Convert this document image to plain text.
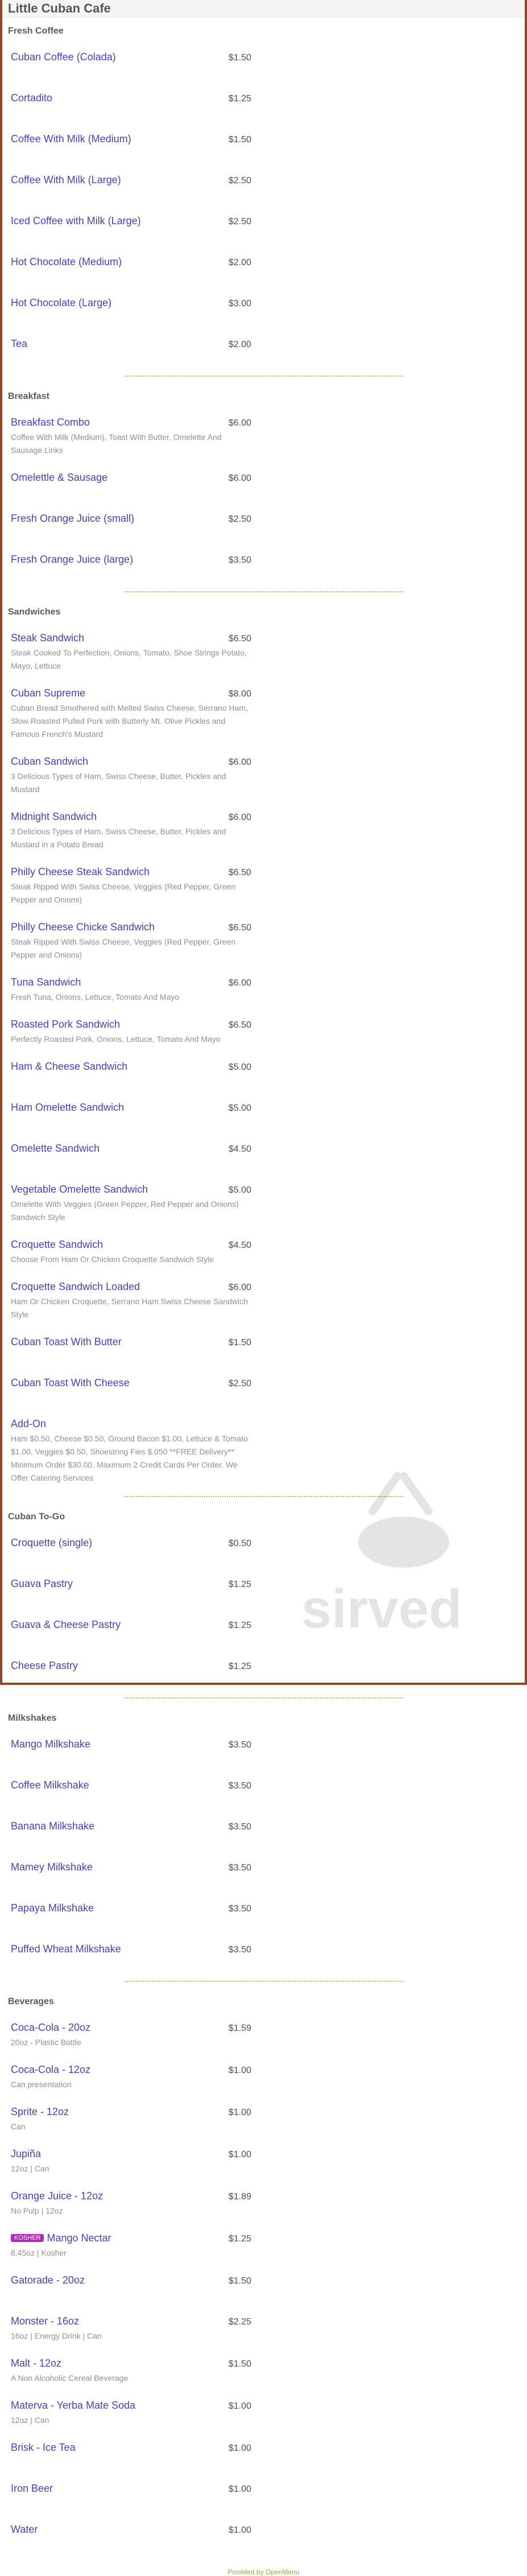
Little Cuban Cafe
Fresh Coffee
Cuban Coffee (Colada)	$1.50
Cortadito	$1.25
Coffee With Milk (Medium)	$1.50
Coffee With Milk (Large)	$2.50
Iced Coffee with Milk (Large)	$2.50
Hot Chocolate (Medium)	$2.00
Hot Chocolate (Large)	$3.00
Tea	$2.00
Breakfast
Breakfast Combo	$6.00
Coffee With Milk (Medium), Toast With Butter, Omelette And Sausage Links
Omelettle & Sausage	$6.00
Fresh Orange Juice (small)	$2.50
Fresh Orange Juice (large)	$3.50
Sandwiches
Steak Sandwich	$6.50
Steak Cooked To Perfection, Onions, Tomato, Shoe Strings Potato, Mayo, Lettuce
Cuban Supreme	$8.00
Cuban Bread Smothered with Melted Swiss Cheese, Serrano Ham, Slow-Roasted Pulled Pork with Butterly Mt. Olive Pickles and Famous French's Mustard
Cuban Sandwich	$6.00
3 Delicious Types of Ham, Swiss Cheese, Butter, Pickles and Mustard
Midnight Sandwich	$6.00
3 Delicious Types of Ham, Swiss Cheese, Butter, Pickles and Mustard in a Potato Bread
Philly Cheese Steak Sandwich	$6.50
Steak Ripped With Swiss Cheese, Veggies (Red Pepper, Green Pepper and Onions)
Philly Cheese Chicke Sandwich	$6.50
Steak Ripped With Swiss Cheese, Veggies (Red Pepper, Green Pepper and Onions)
Tuna Sandwich	$6.00
Fresh Tuna, Onions, Lettuce, Tomato And Mayo
Roasted Pork Sandwich	$6.50
Perfectly Roasted Pork, Onions, Lettuce, Tomato And Mayo
Ham & Cheese Sandwich	$5.00
Ham Omelette Sandwich	$5.00
Omelette Sandwich	$4.50
Vegetable Omelette Sandwich	$5.00
Omelette With Veggies (Green Pepper, Red Pepper and Onions) Sandwich Style
Croquette Sandwich	$4.50
Choose From Ham Or Chicken Croquette Sandwich Style
Croquette Sandwich Loaded	$6.00
Ham Or Chicken Croquette, Serrano Ham Swiss Cheese Sandwich Style
Cuban Toast With Butter	$1.50
Cuban Toast With Cheese	$2.50
Add-On
Ham $0.50, Cheese $0.50, Ground Bacon $1.00, Lettuce & Tomato $1.00, Veggies $0.50, Shoestring Fies $.050 **FREE Delivery** Minimum Order $30.00. Maximum 2 Credit Cards Per Order. We Offer Catering Services
Cuban To-Go
Croquette (single)	$0.50
Guava Pastry	$1.25
Guava & Cheese Pastry	$1.25
Cheese Pastry	$1.25
Milkshakes
Mango Milkshake	$3.50
Coffee Milkshake	$3.50
Banana Milkshake	$3.50
Mamey Milkshake	$3.50
Papaya Milkshake	$3.50
Puffed Wheat Milkshake	$3.50
Beverages
Coca-Cola - 20oz	$1.59
20oz - Plastic Bottle
Coca-Cola - 12oz	$1.00
Can presentation
Sprite - 12oz	$1.00
Can
Jupiña	$1.00
12oz | Can
Orange Juice - 12oz	$1.89
No Pulp | 12oz
KOSHER Mango Nectar	$1.25
8.45oz | Kosher
Gatorade - 20oz	$1.50
Monster - 16oz	$2.25
16oz | Energy Drink | Can
Malt - 12oz	$1.50
A Non Alcoholic Cereal Beverage
Materva - Yerba Mate Soda	$1.00
12oz | Can
Brisk - Ice Tea	$1.00
Iron Beer	$1.00
Water	$1.00
Provided by OpenMenu
sirved
